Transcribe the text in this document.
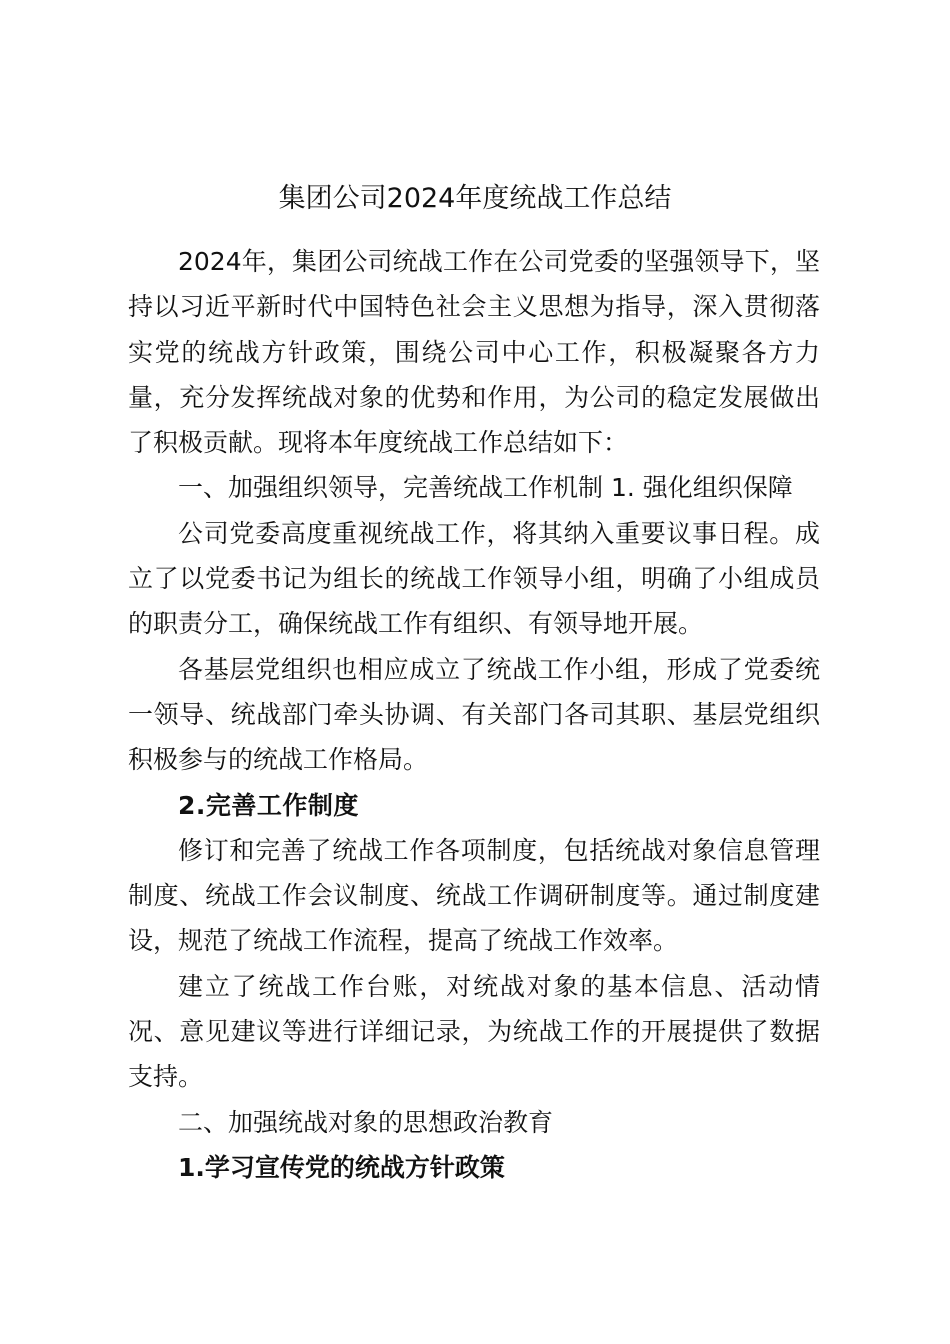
集团公司2024年度统战工作总结

2024年，集团公司统战工作在公司党委的坚强领导下，坚持以习近平新时代中国特色社会主义思想为指导，深入贯彻落实党的统战方针政策，围绕公司中心工作，积极凝聚各方力量，充分发挥统战对象的优势和作用，为公司的稳定发展做出了积极贡献。现将本年度统战工作总结如下：

一、加强组织领导，完善统战工作机制 1. 强化组织保障

公司党委高度重视统战工作，将其纳入重要议事日程。成立了以党委书记为组长的统战工作领导小组，明确了小组成员的职责分工，确保统战工作有组织、有领导地开展。

各基层党组织也相应成立了统战工作小组，形成了党委统一领导、统战部门牵头协调、有关部门各司其职、基层党组织积极参与的统战工作格局。

2.完善工作制度

修订和完善了统战工作各项制度，包括统战对象信息管理制度、统战工作会议制度、统战工作调研制度等。通过制度建设，规范了统战工作流程，提高了统战工作效率。

建立了统战工作台账，对统战对象的基本信息、活动情况、意见建议等进行详细记录，为统战工作的开展提供了数据支持。

二、加强统战对象的思想政治教育

1.学习宣传党的统战方针政策
